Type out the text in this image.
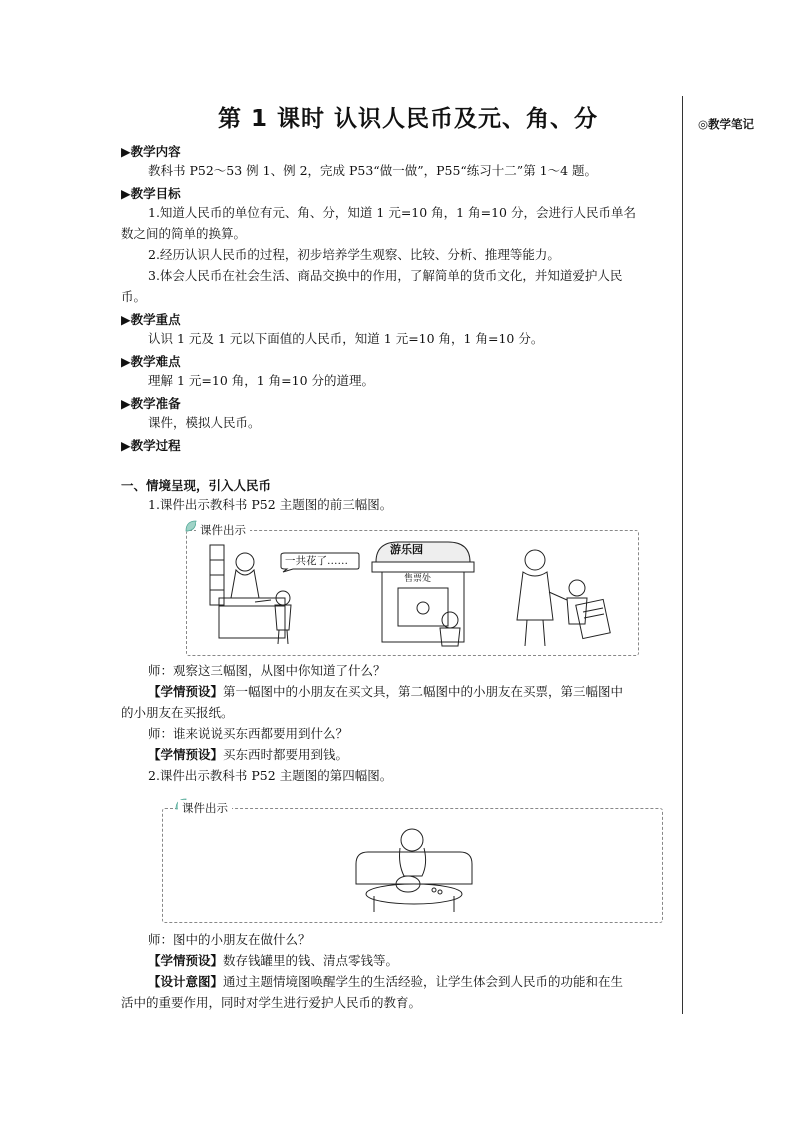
◎教学笔记
第 1 课时 认识人民币及元、角、分
▶教学内容
教科书 P52～53 例 1、例 2，完成 P53“做一做”，P55“练习十二”第 1～4 题。
▶教学目标
1.知道人民币的单位有元、角、分，知道 1 元=10 角，1 角=10 分，会进行人民币单名
数之间的简单的换算。
2.经历认识人民币的过程，初步培养学生观察、比较、分析、推理等能力。
3.体会人民币在社会生活、商品交换中的作用，了解简单的货币文化，并知道爱护人民
币。
▶教学重点
认识 1 元及 1 元以下面值的人民币，知道 1 元=10 角，1 角=10 分。
▶教学难点
理解 1 元=10 角，1 角=10 分的道理。
▶教学准备
课件，模拟人民币。
▶教学过程
一、情境呈现，引入人民币
1.课件出示教科书 P52 主题图的前三幅图。
课件出示
一共花了……
游乐园
售票处
师：观察这三幅图，从图中你知道了什么？
【学情预设】第一幅图中的小朋友在买文具，第二幅图中的小朋友在买票，第三幅图中
的小朋友在买报纸。
师：谁来说说买东西都要用到什么？
【学情预设】买东西时都要用到钱。
2.课件出示教科书 P52 主题图的第四幅图。
课件出示
师：图中的小朋友在做什么？
【学情预设】数存钱罐里的钱、清点零钱等。
【设计意图】通过主题情境图唤醒学生的生活经验，让学生体会到人民币的功能和在生
活中的重要作用，同时对学生进行爱护人民币的教育。
